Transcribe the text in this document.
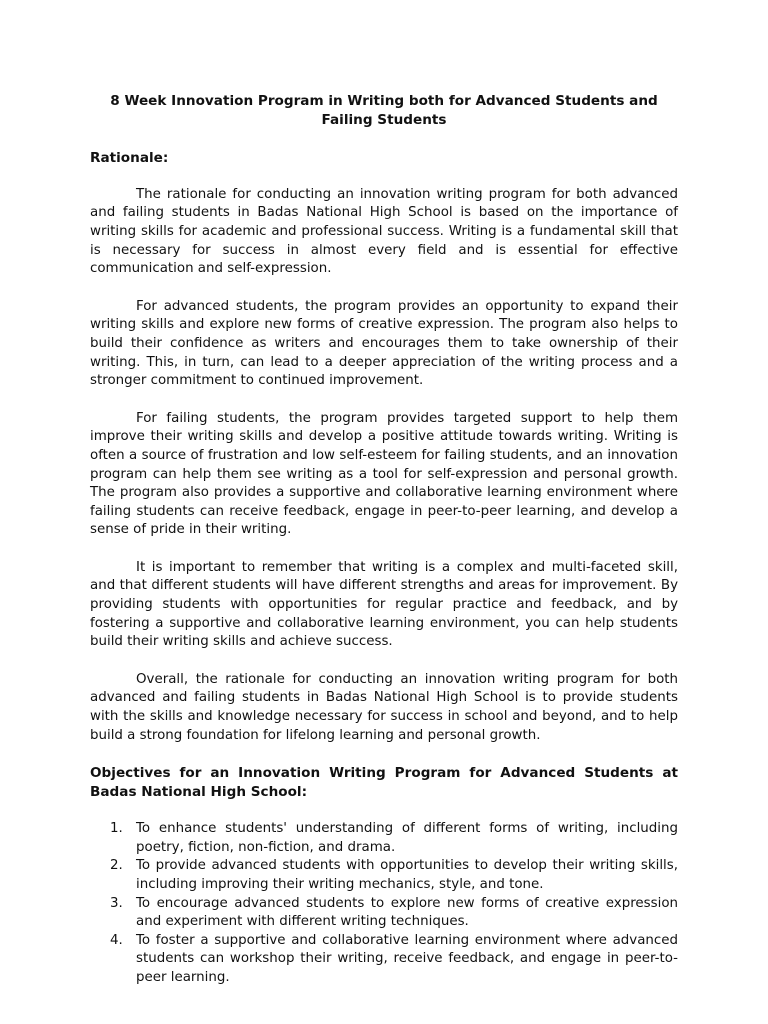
8 Week Innovation Program in Writing both for Advanced Students and Failing Students
Rationale:

The rationale for conducting an innovation writing program for both advanced and failing students in Badas National High School is based on the importance of writing skills for academic and professional success. Writing is a fundamental skill that is necessary for success in almost every field and is essential for effective communication and self-expression.

For advanced students, the program provides an opportunity to expand their writing skills and explore new forms of creative expression. The program also helps to build their confidence as writers and encourages them to take ownership of their writing. This, in turn, can lead to a deeper appreciation of the writing process and a stronger commitment to continued improvement.

For failing students, the program provides targeted support to help them improve their writing skills and develop a positive attitude towards writing. Writing is often a source of frustration and low self-esteem for failing students, and an innovation program can help them see writing as a tool for self-expression and personal growth. The program also provides a supportive and collaborative learning environment where failing students can receive feedback, engage in peer-to-peer learning, and develop a sense of pride in their writing.

It is important to remember that writing is a complex and multi-faceted skill, and that different students will have different strengths and areas for improvement. By providing students with opportunities for regular practice and feedback, and by fostering a supportive and collaborative learning environment, you can help students build their writing skills and achieve success.

Overall, the rationale for conducting an innovation writing program for both advanced and failing students in Badas National High School is to provide students with the skills and knowledge necessary for success in school and beyond, and to help build a strong foundation for lifelong learning and personal growth.

Objectives for an Innovation Writing Program for Advanced Students at Badas National High School:
1. To enhance students' understanding of different forms of writing, including poetry, fiction, non-fiction, and drama.
2. To provide advanced students with opportunities to develop their writing skills, including improving their writing mechanics, style, and tone.
3. To encourage advanced students to explore new forms of creative expression and experiment with different writing techniques.
4. To foster a supportive and collaborative learning environment where advanced students can workshop their writing, receive feedback, and engage in peer-to-peer learning.
